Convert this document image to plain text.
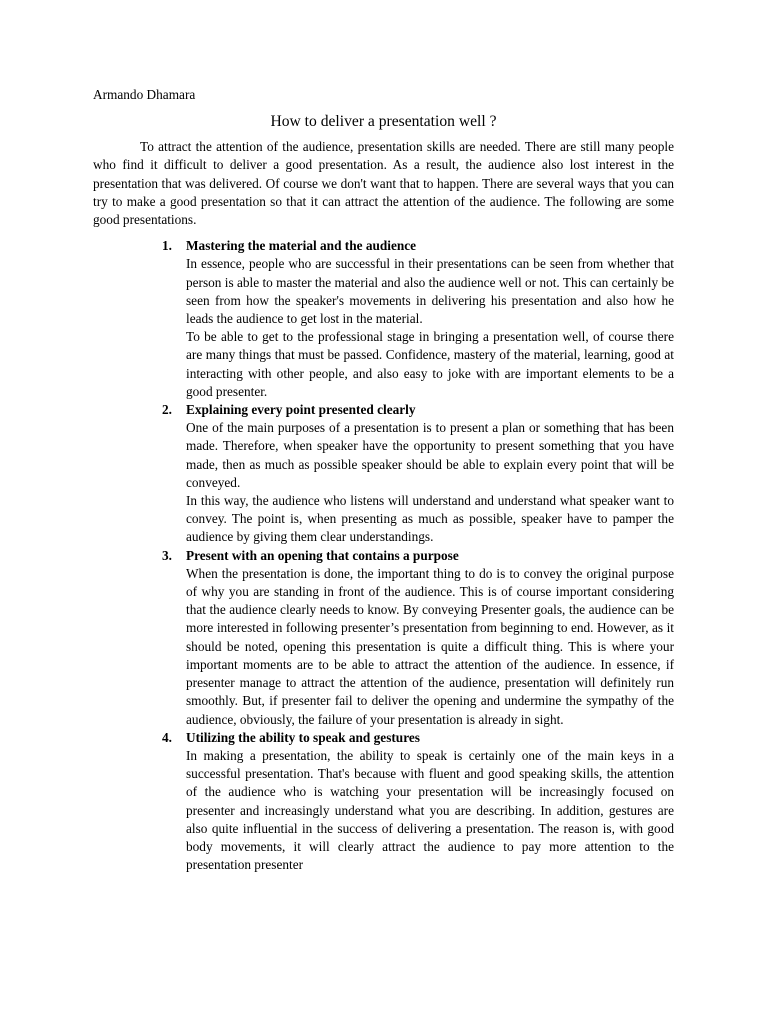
Armando Dhamara

How to deliver a presentation well ?

To attract the attention of the audience, presentation skills are needed. There are still many people who find it difficult to deliver a good presentation. As a result, the audience also lost interest in the presentation that was delivered. Of course we don't want that to happen. There are several ways that you can try to make a good presentation so that it can attract the attention of the audience. The following are some good presentations.

1. Mastering the material and the audience

In essence, people who are successful in their presentations can be seen from whether that person is able to master the material and also the audience well or not. This can certainly be seen from how the speaker's movements in delivering his presentation and also how he leads the audience to get lost in the material.

To be able to get to the professional stage in bringing a presentation well, of course there are many things that must be passed. Confidence, mastery of the material, learning, good at interacting with other people, and also easy to joke with are important elements to be a good presenter.

2. Explaining every point presented clearly

One of the main purposes of a presentation is to present a plan or something that has been made. Therefore, when speaker have the opportunity to present something that you have made, then as much as possible speaker should be able to explain every point that will be conveyed.

In this way, the audience who listens will understand and understand what speaker want to convey. The point is, when presenting as much as possible, speaker have to pamper the audience by giving them clear understandings.

3. Present with an opening that contains a purpose

When the presentation is done, the important thing to do is to convey the original purpose of why you are standing in front of the audience. This is of course important considering that the audience clearly needs to know. By conveying Presenter goals, the audience can be more interested in following presenter’s presentation from beginning to end. However, as it should be noted, opening this presentation is quite a difficult thing. This is where your important moments are to be able to attract the attention of the audience. In essence, if presenter manage to attract the attention of the audience, presentation will definitely run smoothly. But, if presenter fail to deliver the opening and undermine the sympathy of the audience, obviously, the failure of your presentation is already in sight.

4. Utilizing the ability to speak and gestures

In making a presentation, the ability to speak is certainly one of the main keys in a successful presentation. That's because with fluent and good speaking skills, the attention of the audience who is watching your presentation will be increasingly focused on presenter and increasingly understand what you are describing. In addition, gestures are also quite influential in the success of delivering a presentation. The reason is, with good body movements, it will clearly attract the audience to pay more attention to the presentation presenter
